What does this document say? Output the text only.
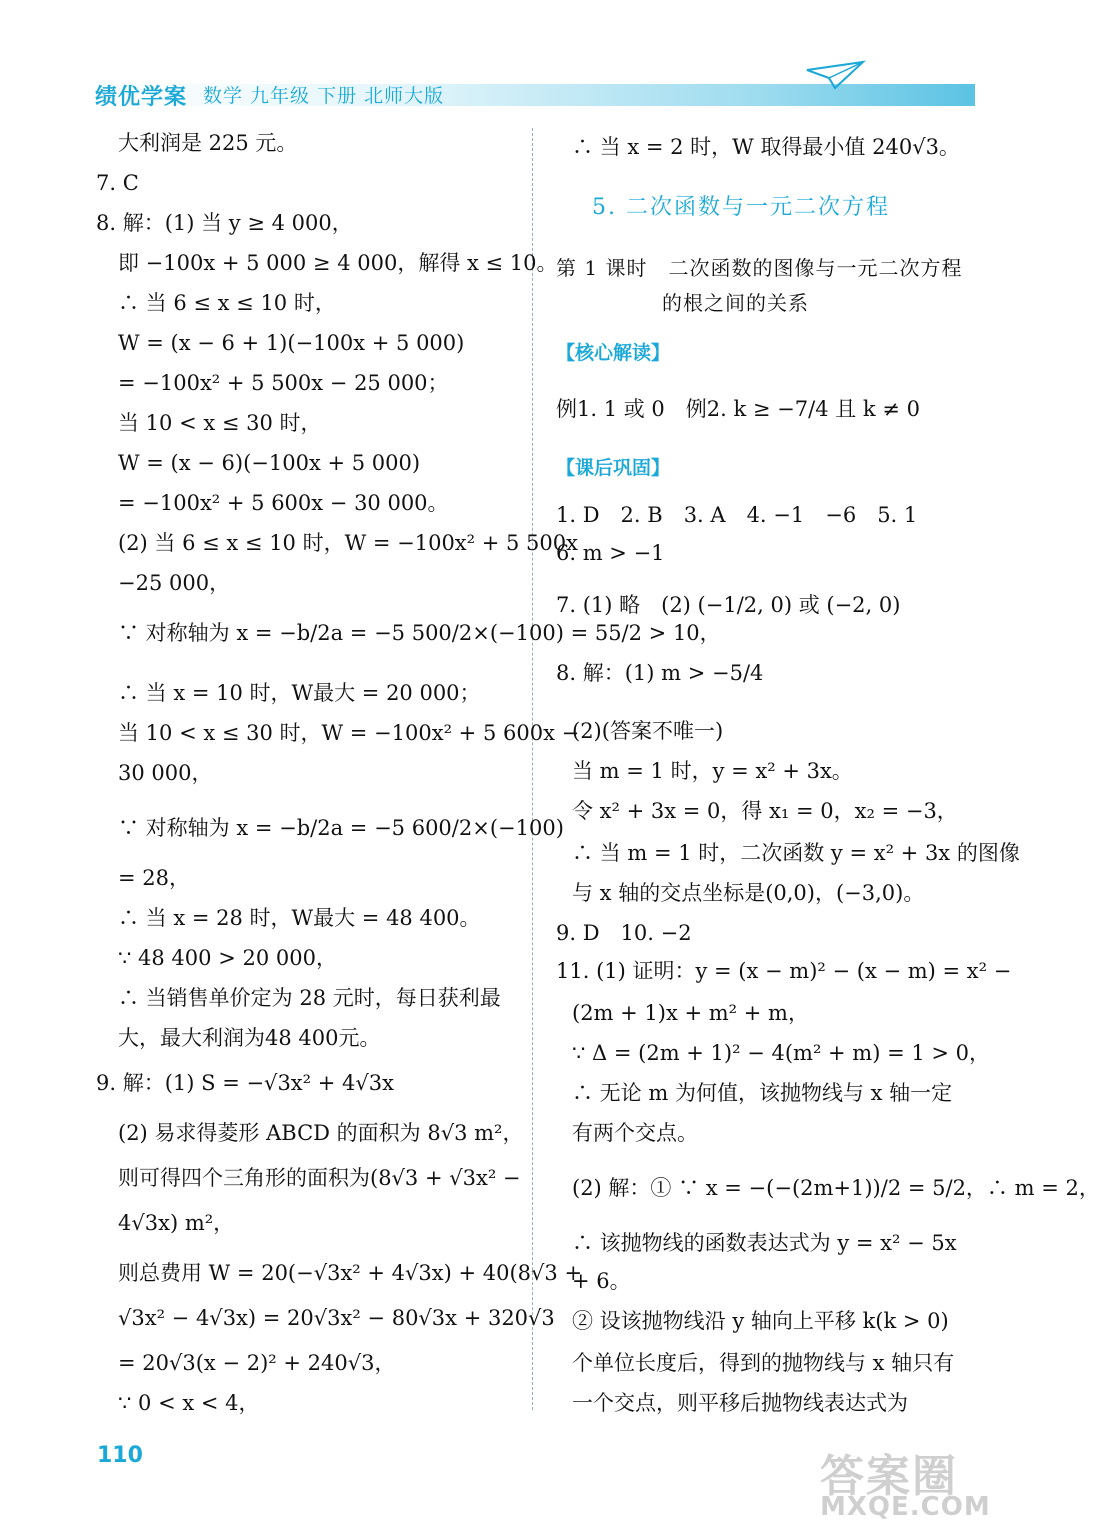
绩优学案 数学 九年级 下册 北师大版
大利润是 225 元。
7. C
8. 解：(1) 当 y ≥ 4 000，
即 −100x + 5 000 ≥ 4 000，解得 x ≤ 10。
∴ 当 6 ≤ x ≤ 10 时，
W = (x − 6 + 1)(−100x + 5 000)
= −100x² + 5 500x − 25 000；
当 10 < x ≤ 30 时，
W = (x − 6)(−100x + 5 000)
= −100x² + 5 600x − 30 000。
(2) 当 6 ≤ x ≤ 10 时，W = −100x² + 5 500x
−25 000，
∵ 对称轴为 x = −b/2a = −5 500/2×(−100) = 55/2 > 10，
∴ 当 x = 10 时，W最大 = 20 000；
当 10 < x ≤ 30 时，W = −100x² + 5 600x −
30 000，
∵ 对称轴为 x = −b/2a = −5 600/2×(−100)
= 28，
∴ 当 x = 28 时，W最大 = 48 400。
∵ 48 400 > 20 000，
∴ 当销售单价定为 28 元时，每日获利最
大，最大利润为48 400元。
9. 解：(1) S = −√3x² + 4√3x
(2) 易求得菱形 ABCD 的面积为 8√3 m²，
则可得四个三角形的面积为(8√3 + √3x² −
4√3x) m²，
则总费用 W = 20(−√3x² + 4√3x) + 40(8√3 +
√3x² − 4√3x) = 20√3x² − 80√3x + 320√3
= 20√3(x − 2)² + 240√3，
∵ 0 < x < 4，
∴ 当 x = 2 时，W 取得最小值 240√3。
5. 二次函数与一元二次方程
第 1 课时　二次函数的图像与一元二次方程
的根之间的关系
【核心解读】
例1. 1 或 0　例2. k ≥ −7/4 且 k ≠ 0
【课后巩固】
1. D　2. B　3. A　4. −1　−6　5. 1
6. m > −1
7. (1) 略　(2) (−1/2, 0) 或 (−2, 0)
8. 解：(1) m > −5/4
(2)(答案不唯一)
当 m = 1 时，y = x² + 3x。
令 x² + 3x = 0，得 x₁ = 0，x₂ = −3，
∴ 当 m = 1 时，二次函数 y = x² + 3x 的图像
与 x 轴的交点坐标是(0,0)，(−3,0)。
9. D　10. −2
11. (1) 证明：y = (x − m)² − (x − m) = x² −
(2m + 1)x + m² + m，
∵ Δ = (2m + 1)² − 4(m² + m) = 1 > 0，
∴ 无论 m 为何值，该抛物线与 x 轴一定
有两个交点。
(2) 解：① ∵ x = −(−(2m+1))/2 = 5/2，∴ m = 2，
∴ 该抛物线的函数表达式为 y = x² − 5x
+ 6。
② 设该抛物线沿 y 轴向上平移 k(k > 0)
个单位长度后，得到的抛物线与 x 轴只有
一个交点，则平移后抛物线表达式为
110	答案圈
MXQE.COM
